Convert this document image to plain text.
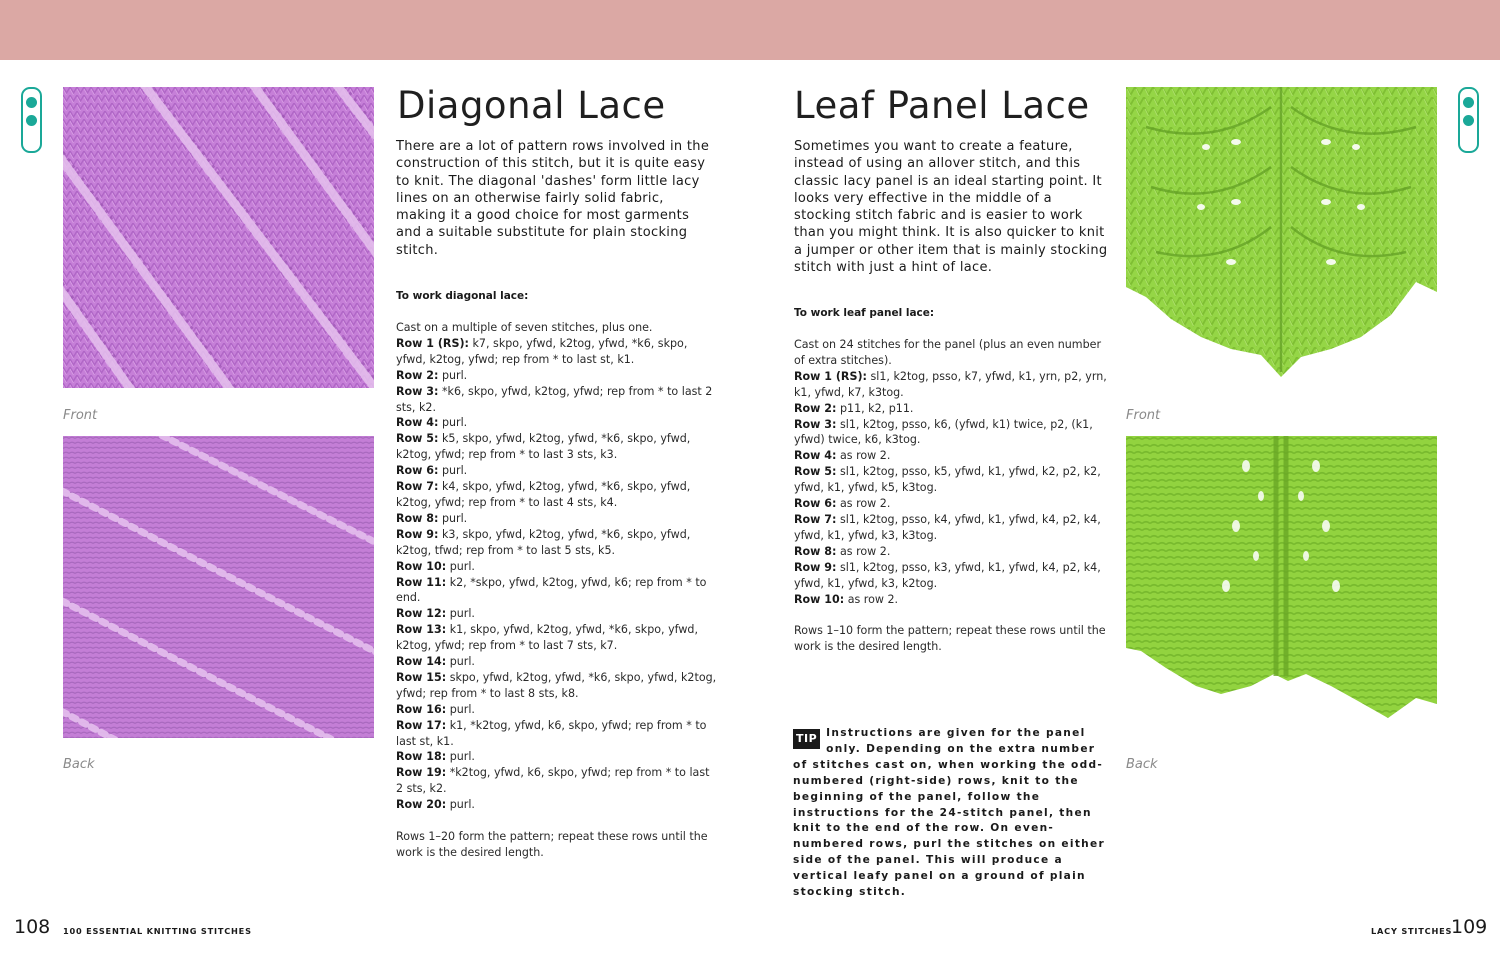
Front
Back
Diagonal Lace

There are a lot of pattern rows involved in the construction of this stitch, but it is quite easy to knit. The diagonal 'dashes' form little lacy lines on an otherwise fairly solid fabric, making it a good choice for most garments and a suitable substitute for plain stocking stitch.

To work diagonal lace:
Cast on a multiple of seven stitches, plus one.
Row 1 (RS): k7, skpo, yfwd, k2tog, yfwd, *k6, skpo, yfwd, k2tog, yfwd; rep from * to last st, k1.
Row 2: purl.
Row 3: *k6, skpo, yfwd, k2tog, yfwd; rep from * to last 2 sts, k2.
Row 4: purl.
Row 5: k5, skpo, yfwd, k2tog, yfwd, *k6, skpo, yfwd, k2tog, yfwd; rep from * to last 3 sts, k3.
Row 6: purl.
Row 7: k4, skpo, yfwd, k2tog, yfwd, *k6, skpo, yfwd, k2tog, yfwd; rep from * to last 4 sts, k4.
Row 8: purl.
Row 9: k3, skpo, yfwd, k2tog, yfwd, *k6, skpo, yfwd, k2tog, tfwd; rep from * to last 5 sts, k5.
Row 10: purl.
Row 11: k2, *skpo, yfwd, k2tog, yfwd, k6; rep from * to end.
Row 12: purl.
Row 13: k1, skpo, yfwd, k2tog, yfwd, *k6, skpo, yfwd, k2tog, yfwd; rep from * to last 7 sts, k7.
Row 14: purl.
Row 15: skpo, yfwd, k2tog, yfwd, *k6, skpo, yfwd, k2tog, yfwd; rep from * to last 8 sts, k8.
Row 16: purl.
Row 17: k1, *k2tog, yfwd, k6, skpo, yfwd; rep from * to last st, k1.
Row 18: purl.
Row 19: *k2tog, yfwd, k6, skpo, yfwd; rep from * to last 2 sts, k2.
Row 20: purl.
Rows 1–20 form the pattern; repeat these rows until the work is the desired length.
Leaf Panel Lace

Sometimes you want to create a feature, instead of using an allover stitch, and this classic lacy panel is an ideal starting point. It looks very effective in the middle of a stocking stitch fabric and is easier to work than you might think. It is also quicker to knit a jumper or other item that is mainly stocking stitch with just a hint of lace.

To work leaf panel lace:
Cast on 24 stitches for the panel (plus an even number of extra stitches).
Row 1 (RS): sl1, k2tog, psso, k7, yfwd, k1, yrn, p2, yrn, k1, yfwd, k7, k3tog.
Row 2: p11, k2, p11.
Row 3: sl1, k2tog, psso, k6, (yfwd, k1) twice, p2, (k1, yfwd) twice, k6, k3tog.
Row 4: as row 2.
Row 5: sl1, k2tog, psso, k5, yfwd, k1, yfwd, k2, p2, k2, yfwd, k1, yfwd, k5, k3tog.
Row 6: as row 2.
Row 7: sl1, k2tog, psso, k4, yfwd, k1, yfwd, k4, p2, k4, yfwd, k1, yfwd, k3, k3tog.
Row 8: as row 2.
Row 9: sl1, k2tog, psso, k3, yfwd, k1, yfwd, k4, p2, k4, yfwd, k1, yfwd, k3, k2tog.
Row 10: as row 2.
Rows 1–10 form the pattern; repeat these rows until the work is the desired length.
TIP Instructions are given for the panel only. Depending on the extra number of stitches cast on, when working the odd-numbered (right-side) rows, knit to the beginning of the panel, follow the instructions for the 24-stitch panel, then knit to the end of the row. On even-numbered rows, purl the stitches on either side of the panel. This will produce a vertical leafy panel on a ground of plain stocking stitch.
Front
Back
108 100 ESSENTIAL KNITTING STITCHES	LACY STITCHES
109
